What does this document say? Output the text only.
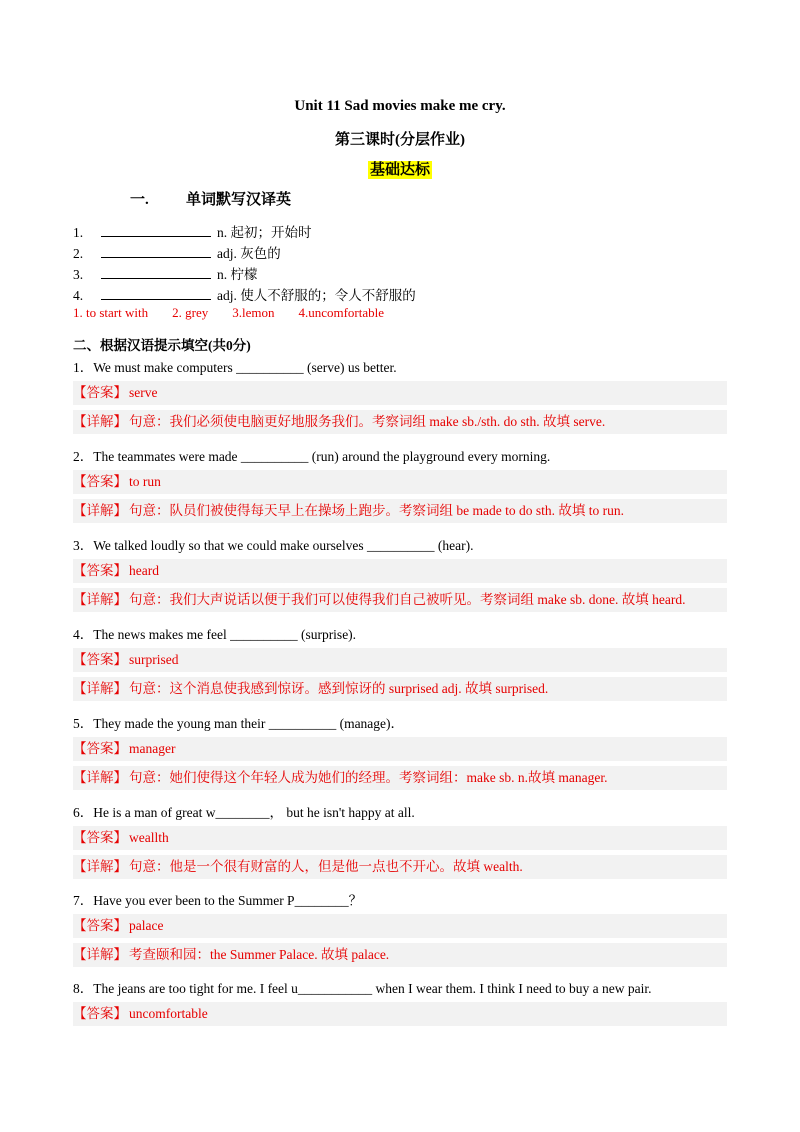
Unit 11 Sad movies make me cry.
第三课时(分层作业)
基础达标
一. 单词默写汉译英
1.	n. 起初；开始时
2.	adj. 灰色的
3.	n. 柠檬
4.	adj. 使人不舒服的；令人不舒服的
1. to start with 2. grey 3.lemon 4.uncomfortable
二、根据汉语提示填空(共0分)
1．We must make computers __________ (serve) us better.
【答案】 serve
【详解】 句意：我们必须使电脑更好地服务我们。考察词组 make sb./sth. do sth. 故填 serve.
2．The teammates were made __________ (run) around the playground every morning.
【答案】 to run
【详解】 句意：队员们被使得每天早上在操场上跑步。考察词组 be made to do sth. 故填 to run.
3．We talked loudly so that we could make ourselves __________ (hear).
【答案】 heard
【详解】 句意：我们大声说话以便于我们可以使得我们自己被听见。考察词组 make sb. done. 故填 heard.
4．The news makes me feel __________ (surprise).
【答案】 surprised
【详解】 句意：这个消息使我感到惊讶。感到惊讶的 surprised adj. 故填 surprised.
5．They made the young man their __________ (manage)．
【答案】 manager
【详解】 句意：她们使得这个年轻人成为她们的经理。考察词组：make sb. n.故填 manager.
6．He is a man of great w________， but he isn't happy at all.
【答案】 weallth
【详解】 句意：他是一个很有财富的人，但是他一点也不开心。故填 wealth.
7．Have you ever been to the Summer P________？
【答案】 palace
【详解】 考查颐和园：the Summer Palace. 故填 palace.
8．The jeans are too tight for me. I feel u___________ when I wear them. I think I need to buy a new pair.
【答案】 uncomfortable
